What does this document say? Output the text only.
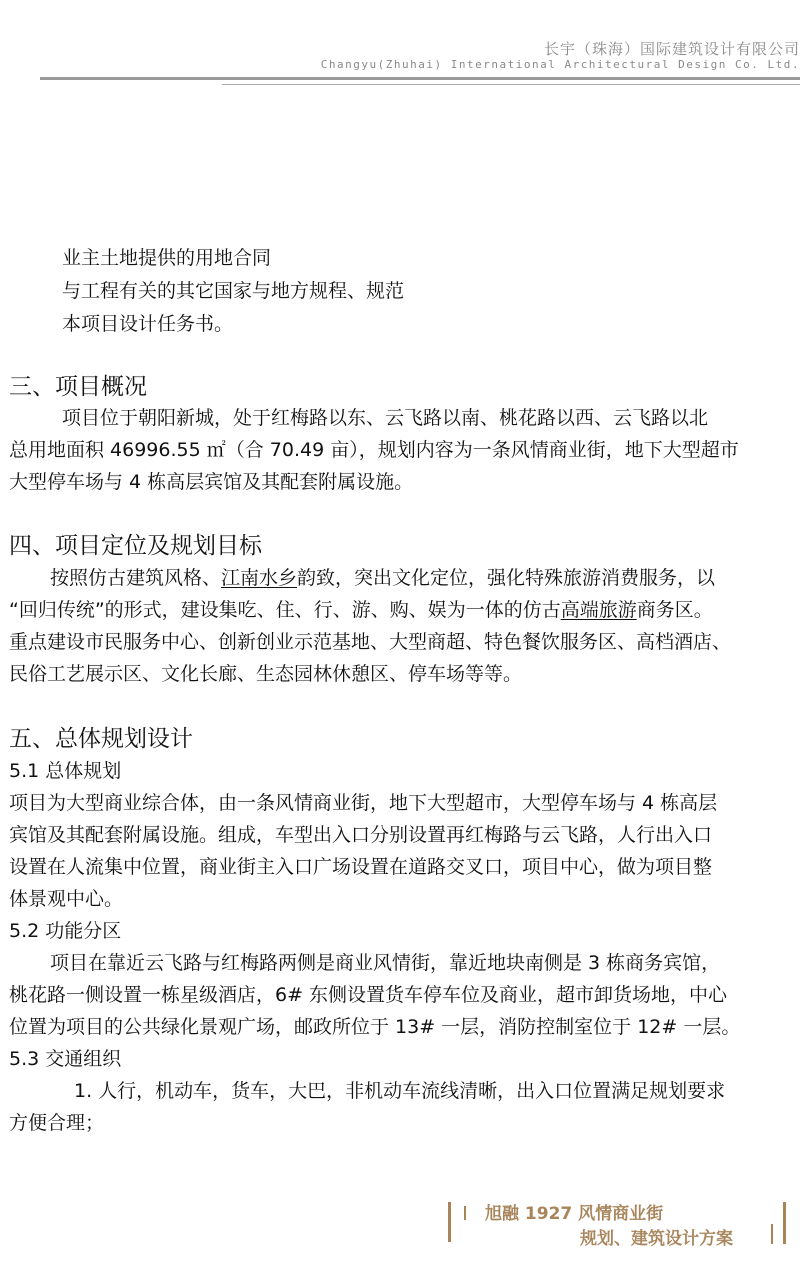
长宇（珠海）国际建筑设计有限公司
Changyu(Zhuhai) International Architectural Design Co. Ltd.
业主土地提供的用地合同
与工程有关的其它国家与地方规程、规范
本项目设计任务书。
三、项目概况
项目位于朝阳新城，处于红梅路以东、云飞路以南、桃花路以西、云飞路以北
总用地面积 46996.55 ㎡（合 70.49 亩），规划内容为一条风情商业街，地下大型超市
大型停车场与 4 栋高层宾馆及其配套附属设施。
四、项目定位及规划目标
按照仿古建筑风格、江南水乡韵致，突出文化定位，强化特殊旅游消费服务，以
“回归传统”的形式，建设集吃、住、行、游、购、娱为一体的仿古高端旅游商务区。
重点建设市民服务中心、创新创业示范基地、大型商超、特色餐饮服务区、高档酒店、
民俗工艺展示区、文化长廊、生态园林休憩区、停车场等等。
五、总体规划设计
5.1 总体规划
项目为大型商业综合体，由一条风情商业街，地下大型超市，大型停车场与 4 栋高层
宾馆及其配套附属设施。组成，车型出入口分别设置再红梅路与云飞路，人行出入口
设置在人流集中位置，商业街主入口广场设置在道路交叉口，项目中心，做为项目整
体景观中心。
5.2 功能分区
项目在靠近云飞路与红梅路两侧是商业风情街，靠近地块南侧是 3 栋商务宾馆，
桃花路一侧设置一栋星级酒店，6# 东侧设置货车停车位及商业，超市卸货场地，中心
位置为项目的公共绿化景观广场，邮政所位于 13# 一层，消防控制室位于 12# 一层。
5.3 交通组织
1. 人行，机动车，货车，大巴，非机动车流线清晰，出入口位置满足规划要求
方便合理；
旭融 1927 风情商业街
规划、建筑设计方案
